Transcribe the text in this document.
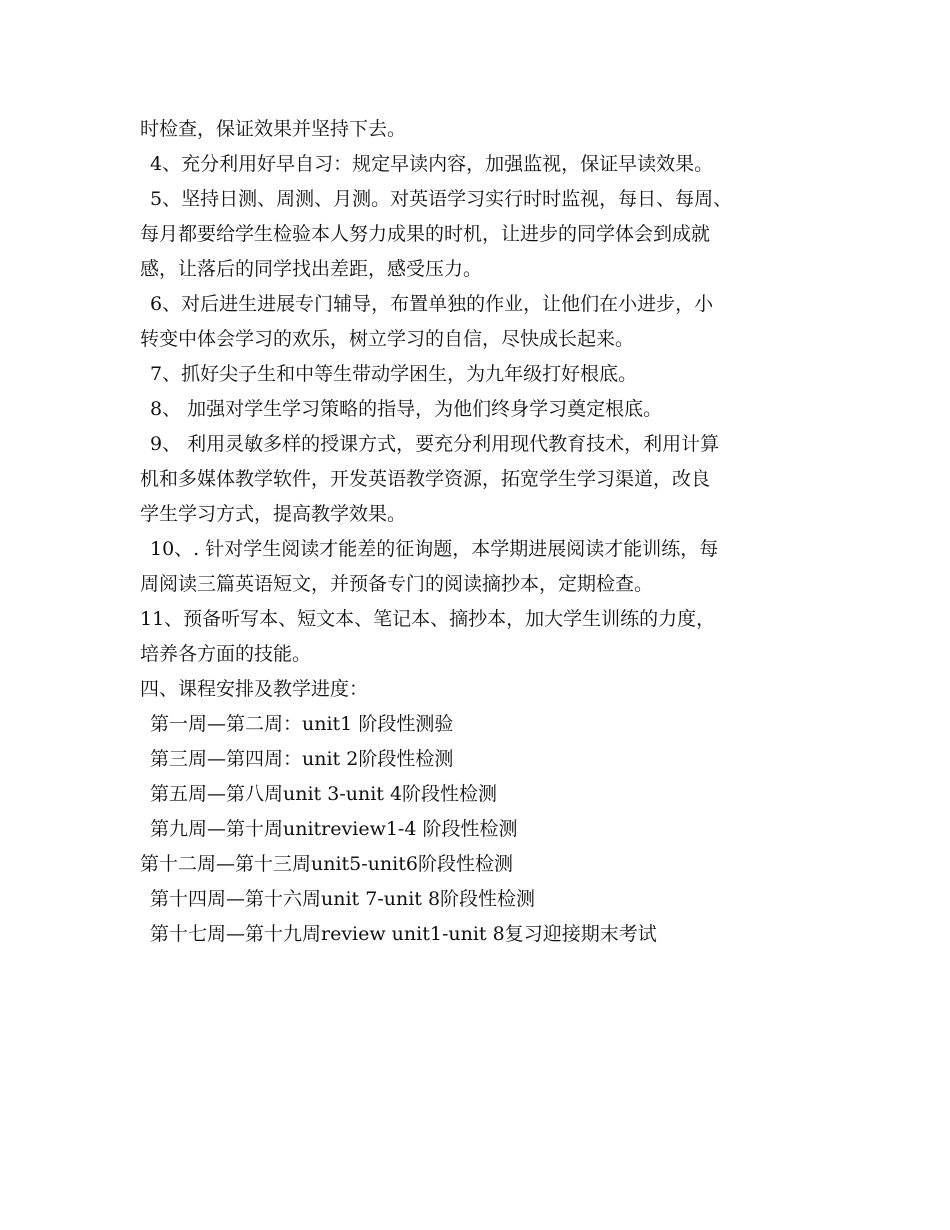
时检查，保证效果并坚持下去。
4、充分利用好早自习：规定早读内容，加强监视，保证早读效果。
5、坚持日测、周测、月测。对英语学习实行时时监视，每日、每周、
每月都要给学生检验本人努力成果的时机，让进步的同学体会到成就
感，让落后的同学找出差距，感受压力。
6、对后进生进展专门辅导，布置单独的作业，让他们在小进步，小
转变中体会学习的欢乐，树立学习的自信，尽快成长起来。
7、抓好尖子生和中等生带动学困生，为九年级打好根底。
8、 加强对学生学习策略的指导，为他们终身学习奠定根底。
9、 利用灵敏多样的授课方式，要充分利用现代教育技术，利用计算
机和多媒体教学软件，开发英语教学资源，拓宽学生学习渠道，改良
学生学习方式，提高教学效果。
10、. 针对学生阅读才能差的征询题，本学期进展阅读才能训练，每
周阅读三篇英语短文，并预备专门的阅读摘抄本，定期检查。
11、预备听写本、短文本、笔记本、摘抄本，加大学生训练的力度，
培养各方面的技能。
四、课程安排及教学进度：
第一周—第二周：unit1 阶段性测验
第三周—第四周：unit 2阶段性检测
第五周—第八周unit 3-unit 4阶段性检测
第九周—第十周unitreview1-4 阶段性检测
第十二周—第十三周unit5-unit6阶段性检测
第十四周—第十六周unit 7-unit 8阶段性检测
第十七周—第十九周review unit1-unit 8复习迎接期末考试
